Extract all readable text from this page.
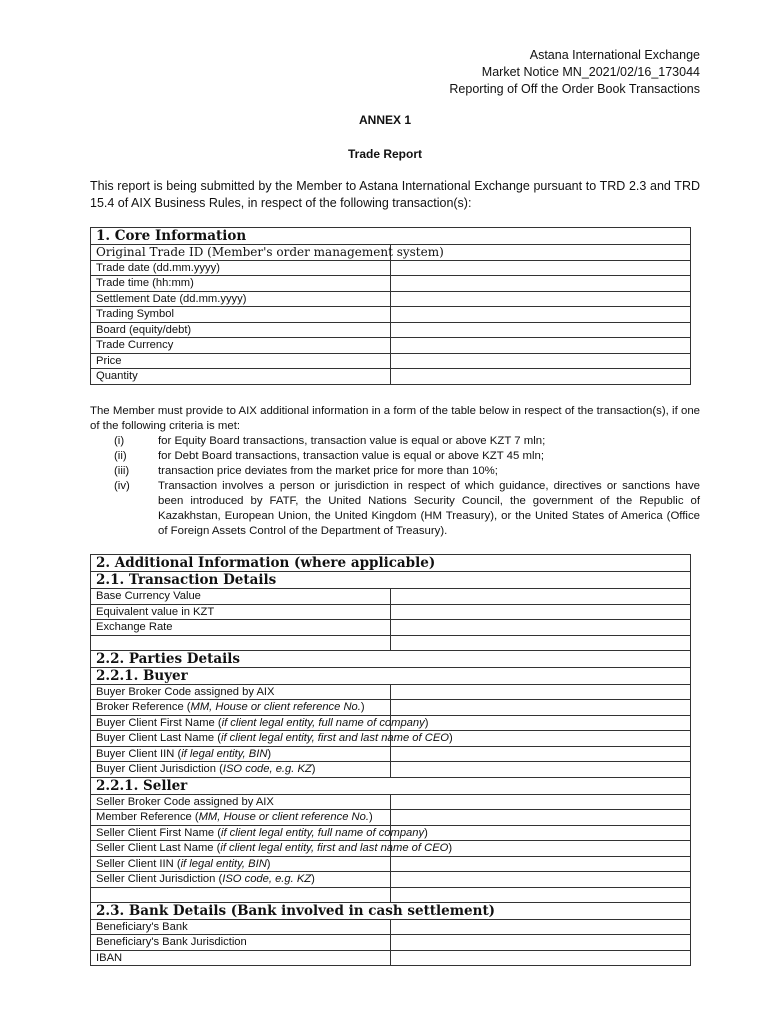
Astana International Exchange
Market Notice MN_2021/02/16_173044
Reporting of Off the Order Book Transactions
ANNEX 1
Trade Report
This report is being submitted by the Member to Astana International Exchange pursuant to TRD 2.3 and TRD 15.4 of AIX Business Rules, in respect of the following transaction(s):
1. Core Information	
Original Trade ID (Member's order management system)	
Trade date (dd.mm.yyyy)	
Trade time (hh:mm)	
Settlement Date (dd.mm.yyyy)	
Trading Symbol	
Board (equity/debt)	
Trade Currency	
Price	
Quantity	
The Member must provide to AIX additional information in a form of the table below in respect of the transaction(s), if one of the following criteria is met:
(i)	for Equity Board transactions, transaction value is equal or above KZT 7 mln;
(ii)	for Debt Board transactions, transaction value is equal or above KZT 45 mln;
(iii)	transaction price deviates from the market price for more than 10%;
(iv) Transaction involves a person or jurisdiction in respect of which guidance, directives or sanctions have been introduced by FATF, the United Nations Security Council, the government of the Republic of Kazakhstan, European Union, the United Kingdom (HM Treasury), or the United States of America (Office of Foreign Assets Control of the Department of Treasury).
2. Additional Information (where applicable)	
2.1. Transaction Details	
Base Currency Value	
Equivalent value in KZT	
Exchange Rate	

2.2. Parties Details	
2.2.1. Buyer	
Buyer Broker Code assigned by AIX	
Broker Reference (MM, House or client reference No.)	
Buyer Client First Name (if client legal entity, full name of company)	
Buyer Client Last Name (if client legal entity, first and last name of CEO)	
Buyer Client IIN (if legal entity, BIN)	
Buyer Client Jurisdiction (ISO code, e.g. KZ)	
2.2.1. Seller	
Seller Broker Code assigned by AIX	
Member Reference (MM, House or client reference No.)	
Seller Client First Name (if client legal entity, full name of company)	
Seller Client Last Name (if client legal entity, first and last name of CEO)	
Seller Client IIN (if legal entity, BIN)	
Seller Client Jurisdiction (ISO code, e.g. KZ)	

2.3. Bank Details (Bank involved in cash settlement)	
Beneficiary's Bank	
Beneficiary's Bank Jurisdiction	
IBAN	
